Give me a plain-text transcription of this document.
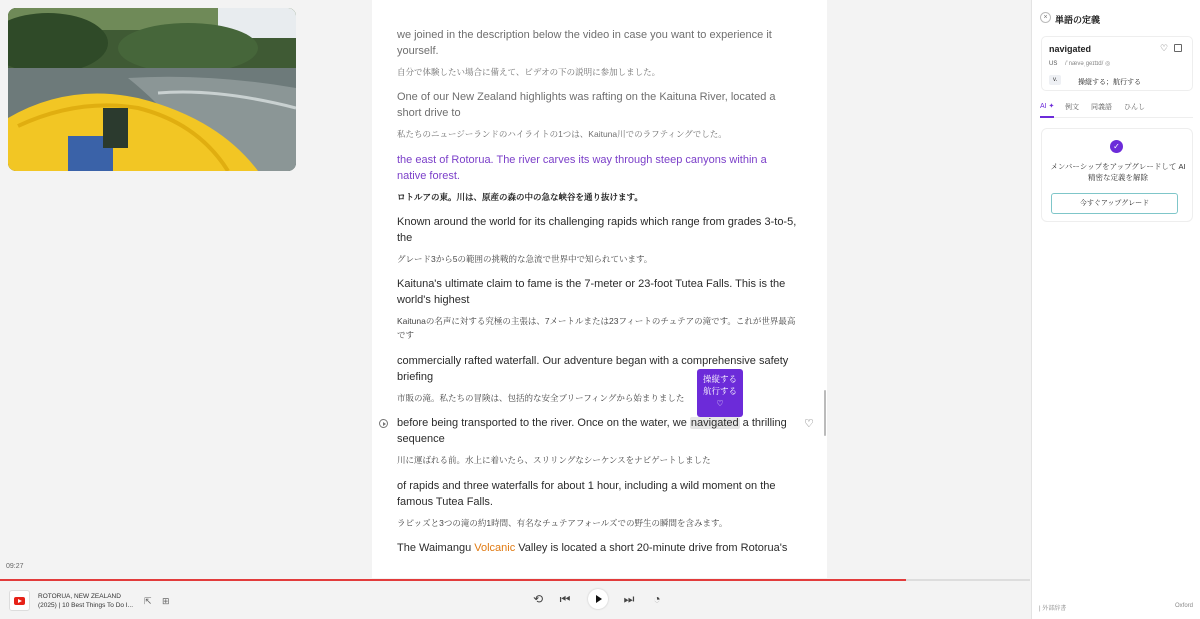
09:27
we joined in the description below the video in case you want to experience it yourself.
自分で体験したい場合に備えて、ビデオの下の説明に参加しました。
One of our New Zealand highlights was rafting on the Kaituna River, located a short drive to
私たちのニュージーランドのハイライトの1つは、Kaituna川でのラフティングでした。
the east of Rotorua. The river carves its way through steep canyons within a native forest.
ロトルアの東。川は、原産の森の中の急な峡谷を通り抜けます。
Known around the world for its challenging rapids which range from grades 3-to-5, the
グレード3から5の範囲の挑戦的な急流で世界中で知られています。
Kaituna's ultimate claim to fame is the 7-meter or 23-foot Tutea Falls. This is the world's highest
Kaitunaの名声に対する究極の主張は、7メートルまたは23フィートのチュテアの滝です。これが世界最高です
commercially rafted waterfall. Our adventure began with a comprehensive safety briefing
市販の滝。私たちの冒険は、包括的な安全ブリーフィングから始まりました
before being transported to the river. Once on the water, we navigated a thrilling sequence
川に運ばれる前。水上に着いたら、スリリングなシーケンスをナビゲートしました
of rapids and three waterfalls for about 1 hour, including a wild moment on the famous Tutea Falls.
ラピッズと3つの滝の約1時間、有名なチュテアフォールズでの野生の瞬間を含みます。
The Waimangu Volcanic Valley is located a short 20-minute drive from Rotorua's
♡
操縦する
航行する
♡
ROTORUA, NEW ZEALAND
(2025) | 10 Best Things To Do I...	⇱ ⊞	⟲ ⏮	⏭	◔
× 単語の定義
navigated	♡
US /ˈnævəˌɡeɪtɪd/ ◎
v.	操縦する；航行する
AI ✦ 例文 同義語 ひんし
✓
メンバーシップをアップグレードして AI 精密な定義を解除
今すぐアップグレード
| 外部辞書	Oxford
